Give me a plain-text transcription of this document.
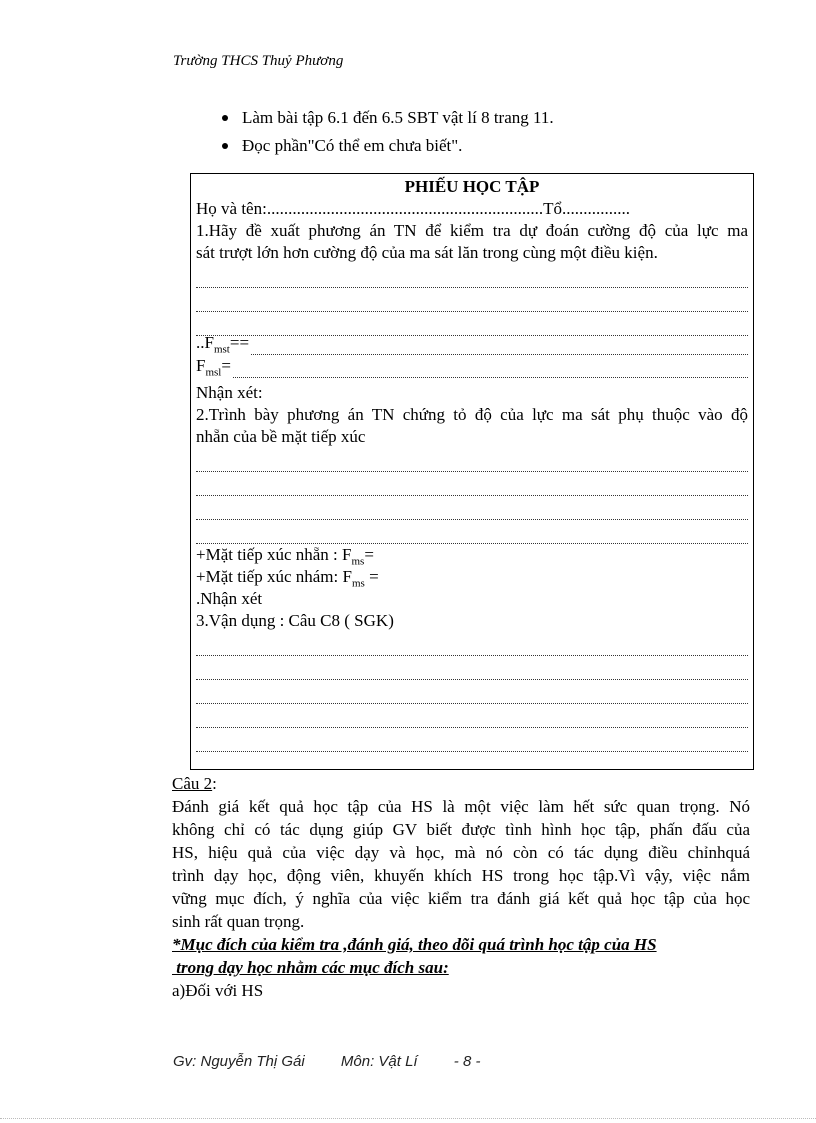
Trường THCS Thuỷ Phương
Làm bài tập 6.1 đến 6.5 SBT vật lí 8 trang 11.
Đọc phần"Có thể em chưa biết".
PHIẾU HỌC TẬP
Họ và tên:.................................................................Tổ................
1.Hãy đề xuất phương án TN để kiểm tra dự đoán cường độ của lực ma
sát trượt lớn hơn cường độ của ma sát lăn trong cùng một điều kiện.
$..F_{mst}==$
$F_{msl}=$
Nhận xét:
2.Trình bày phương án TN chứng tỏ độ của lực ma sát phụ thuộc vào độ
nhẵn của bề mặt tiếp xúc
+Mặt tiếp xúc nhẵn : $F_{ms}=$
+Mặt tiếp xúc nhám: $F_{ms}$ =
.Nhận xét
3.Vận dụng : Câu C8 ( SGK)
Câu 2:
Đánh giá kết quả học tập của HS là một việc làm hết sức quan trọng. Nó
không chỉ có tác dụng giúp GV biết được tình hình học tập, phấn đấu của
HS, hiệu quả của việc dạy và học, mà nó còn có tác dụng điều chỉnhquá
trình dạy học, động viên, khuyến khích HS trong học tập.Vì vậy, việc nắm
vững mục đích, ý nghĩa của việc kiểm tra đánh giá kết quả học tập của học
sinh rất quan trọng.
*Mục đích của kiểm tra ,đánh giá, theo dõi quá trình học tập của HS
trong dạy học nhằm các mục đích sau:
a)Đối với HS
Gv: Nguyễn Thị Gái Môn: Vật Lí - 8 -
